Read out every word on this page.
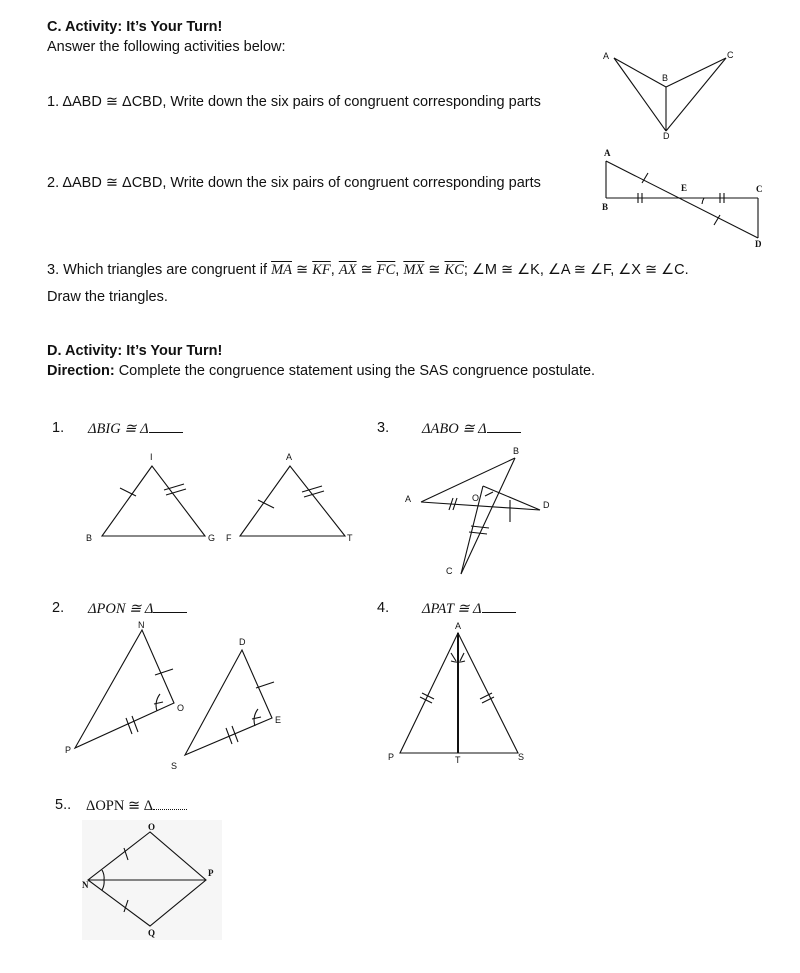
C. Activity: It’s Your Turn!
Answer the following activities below:
1. ΔABD ≅ ΔCBD, Write down the six pairs of congruent corresponding parts
2. ΔABD ≅ ΔCBD, Write down the six pairs of congruent corresponding parts
3. Which triangles are congruent if $\overline{MA}$ ≅ $\overline{KF}$, $\overline{AX}$ ≅ $\overline{FC}$, $\overline{MX}$ ≅ $\overline{KC}$; ∠M ≅ ∠K, ∠A ≅ ∠F, ∠X ≅ ∠C.
Draw the triangles.
A
B
C
D
A
B
C
D
E
D. Activity: It’s Your Turn!
Direction: Complete the congruence statement using the SAS congruence postulate.
1. ΔBIG ≅ Δ
2. ΔPON ≅ Δ
3. ΔABO ≅ Δ
4. ΔPAT ≅ Δ
5.. ΔOPN ≅ Δ
I
B	G
A
F	T
N
O
P
D
E
S
A
B
O
D
C
A
P	T	S
O
N
P
Q
